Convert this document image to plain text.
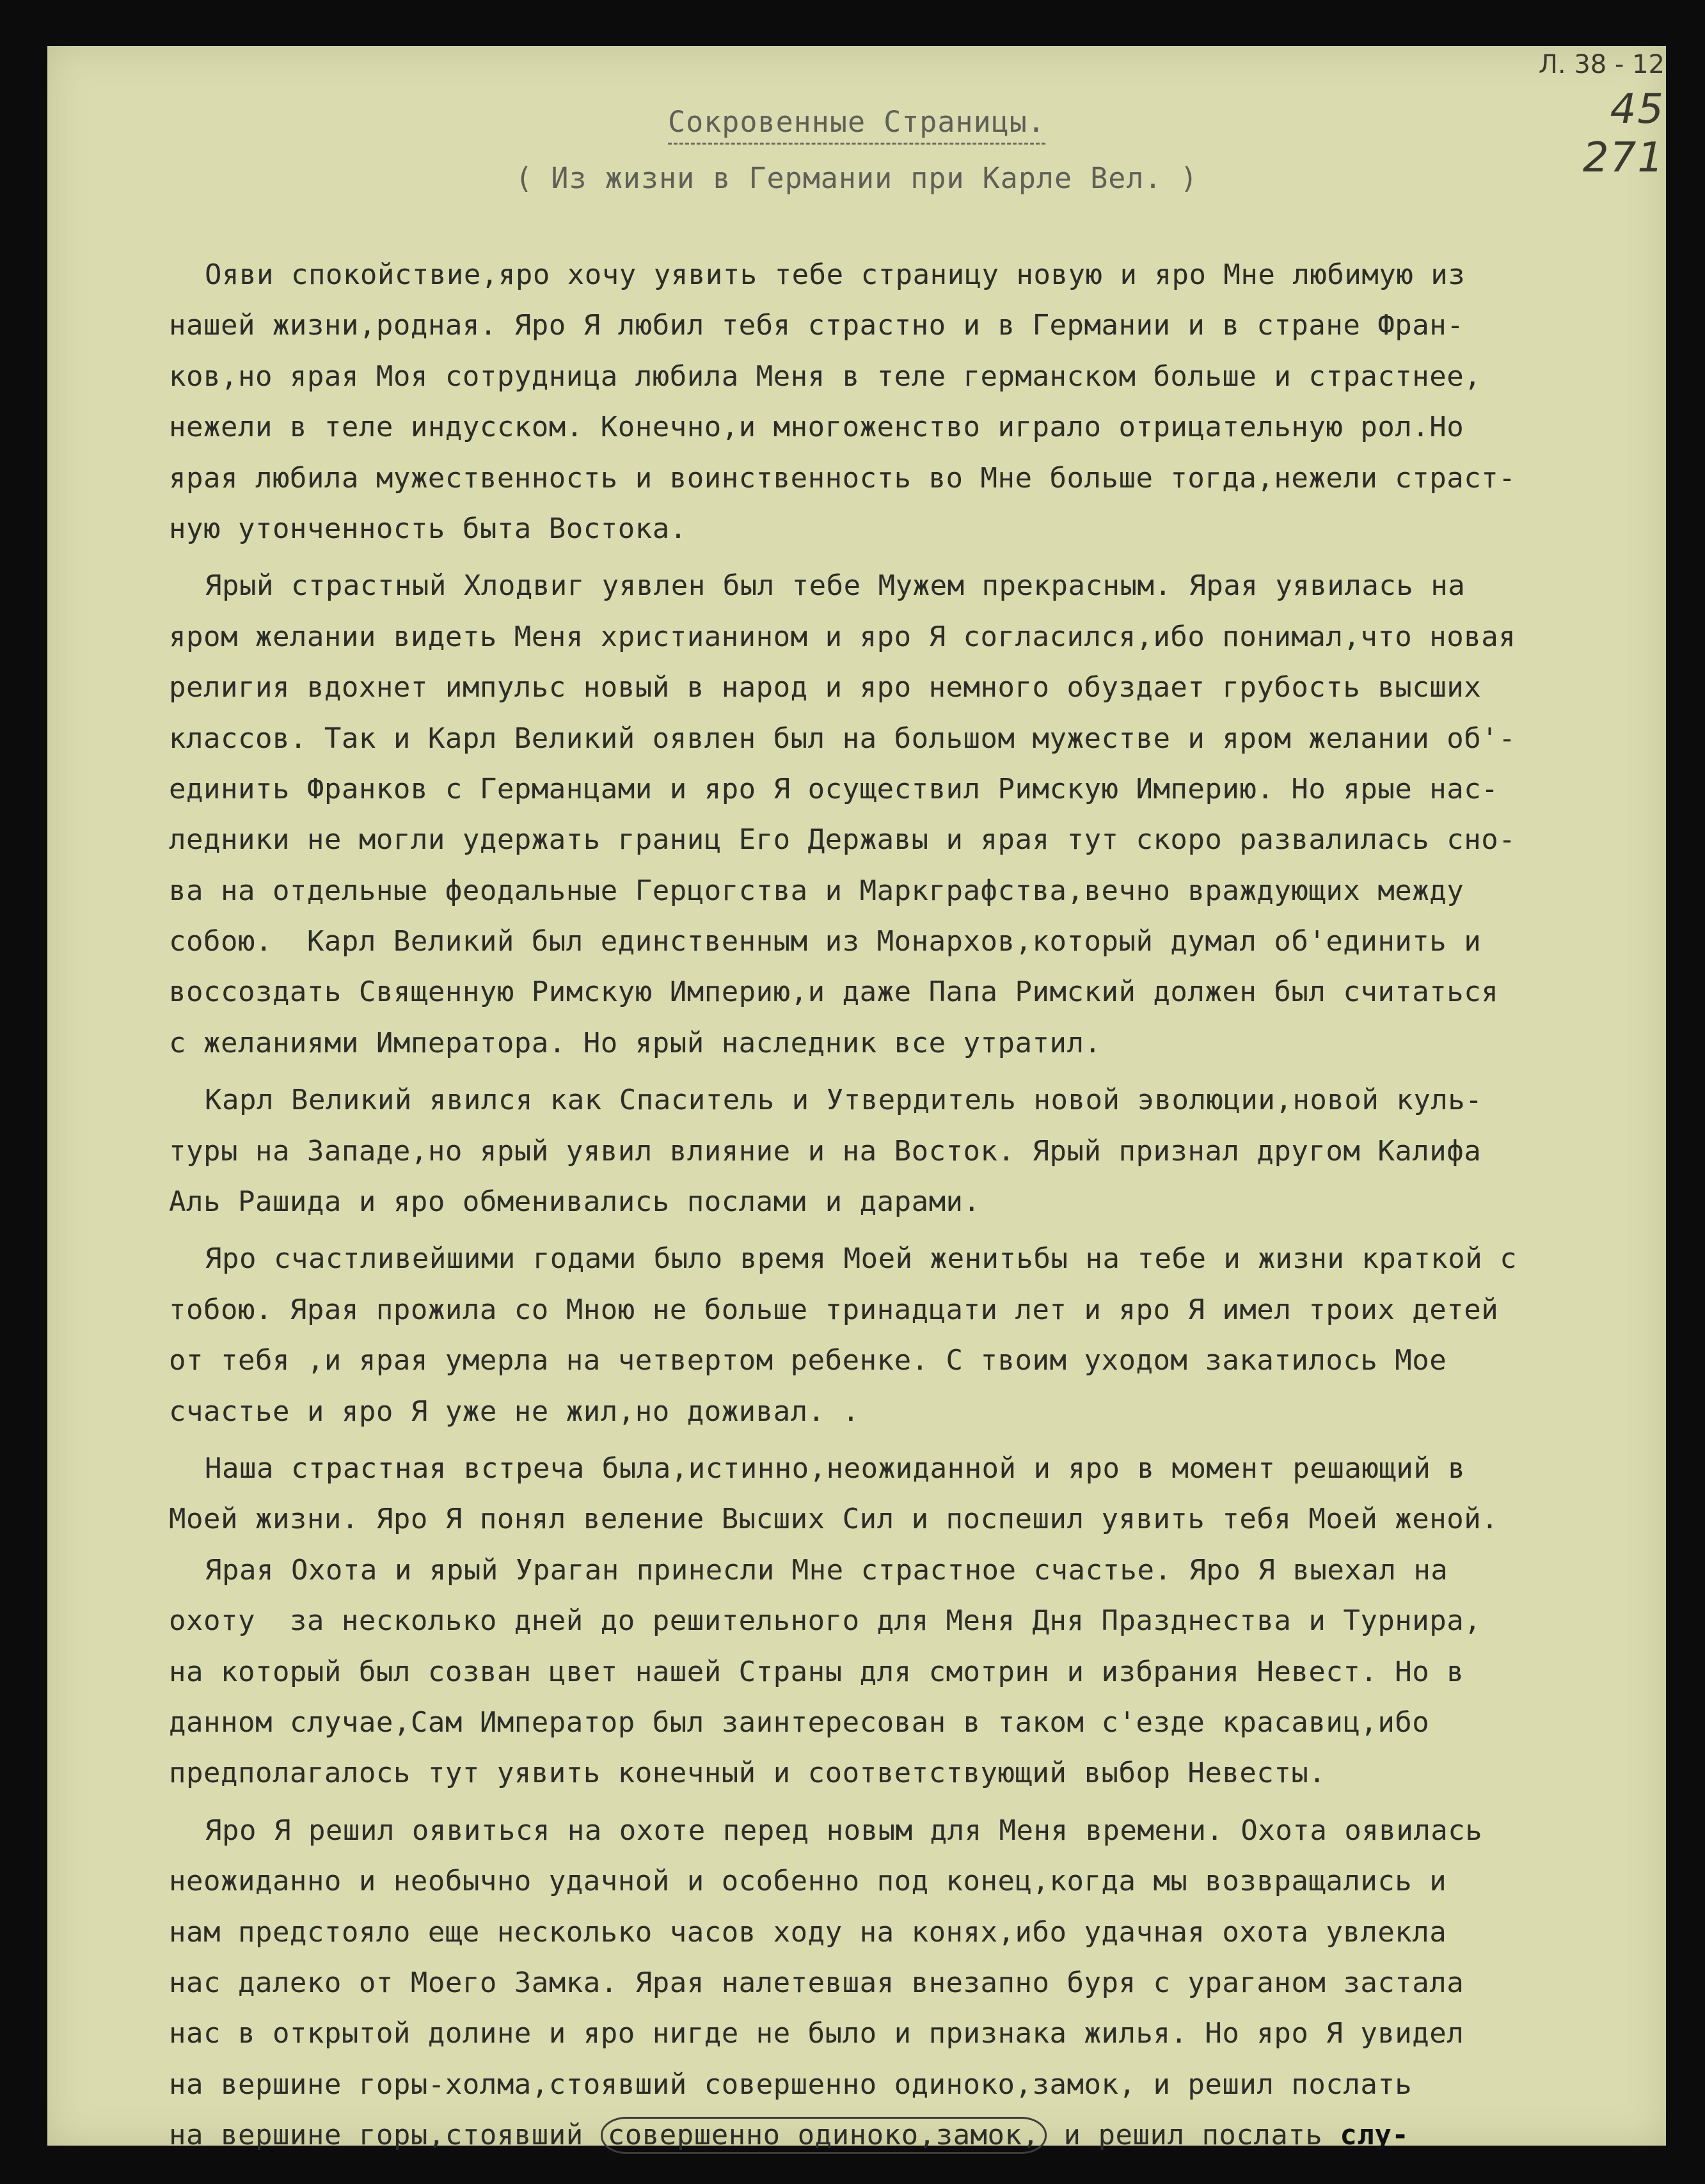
Л. 38 - 12
45
271
Сокровенные Страницы.
( Из жизни в Германии при Карле Вел. )
Ояви спокойствие,яро хочу уявить тебе страницу новую и яро Мне любимую из
нашей жизни,родная. Яро Я любил тебя страстно и в Германии и в стране Фран-
ков,но ярая Моя сотрудница любила Меня в теле германском больше и страстнее,
нежели в теле индусском. Конечно,и многоженство играло отрицательную рол.Но
ярая любила мужественность и воинственность во Мне больше тогда,нежели страст-
ную утонченность быта Востока.
Ярый страстный Хлодвиг уявлен был тебе Мужем прекрасным. Ярая уявилась на
яром желании видеть Меня христианином и яро Я согласился,ибо понимал,что новая
религия вдохнет импульс новый в народ и яро немного обуздает грубость высших
классов. Так и Карл Великий оявлен был на большом мужестве и яром желании об'-
единить Франков с Германцами и яро Я осуществил Римскую Империю. Но ярые нас-
ледники не могли удержать границ Его Державы и ярая тут скоро развалилась сно-
ва на отдельные феодальные Герцогства и Маркграфства,вечно враждующих между
собою.  Карл Великий был единственным из Монархов,который думал об'единить и
воссоздать Священную Римскую Империю,и даже Папа Римский должен был считаться
с желаниями Императора. Но ярый наследник все утратил.
Карл Великий явился как Спаситель и Утвердитель новой эволюции,новой куль-
туры на Западе,но ярый уявил влияние и на Восток. Ярый признал другом Калифа
Аль Рашида и яро обменивались послами и дарами.
Яро счастливейшими годами было время Моей женитьбы на тебе и жизни краткой с
тобою. Ярая прожила со Мною не больше тринадцати лет и яро Я имел троих детей
от тебя ,и ярая умерла на четвертом ребенке. С твоим уходом закатилось Мое
счастье и яро Я уже не жил,но доживал. .
Наша страстная встреча была,истинно,неожиданной и яро в момент решающий в
Моей жизни. Яро Я понял веление Высших Сил и поспешил уявить тебя Моей женой.
Ярая Охота и ярый Ураган принесли Мне страстное счастье. Яро Я выехал на
охоту  за несколько дней до решительного для Меня Дня Празднества и Турнира,
на который был созван цвет нашей Страны для смотрин и избрания Невест. Но в
данном случае,Сам Император был заинтересован в таком с'езде красавиц,ибо
предполагалось тут уявить конечный и соответствующий выбор Невесты.
Яро Я решил оявиться на охоте перед новым для Меня времени. Охота оявилась
неожиданно и необычно удачной и особенно под конец,когда мы возвращались и
нам предстояло еще несколько часов ходу на конях,ибо удачная охота увлекла
нас далеко от Моего Замка. Ярая налетевшая внезапно буря с ураганом застала
нас в открытой долине и яро нигде не было и признака жилья. Но яро Я увидел
на вершине горы-холма,стоявший совершенно одиноко,замок, и решил послать
на вершине горы,стоявший совершенно одиноко,замок, и решил послать слу-
